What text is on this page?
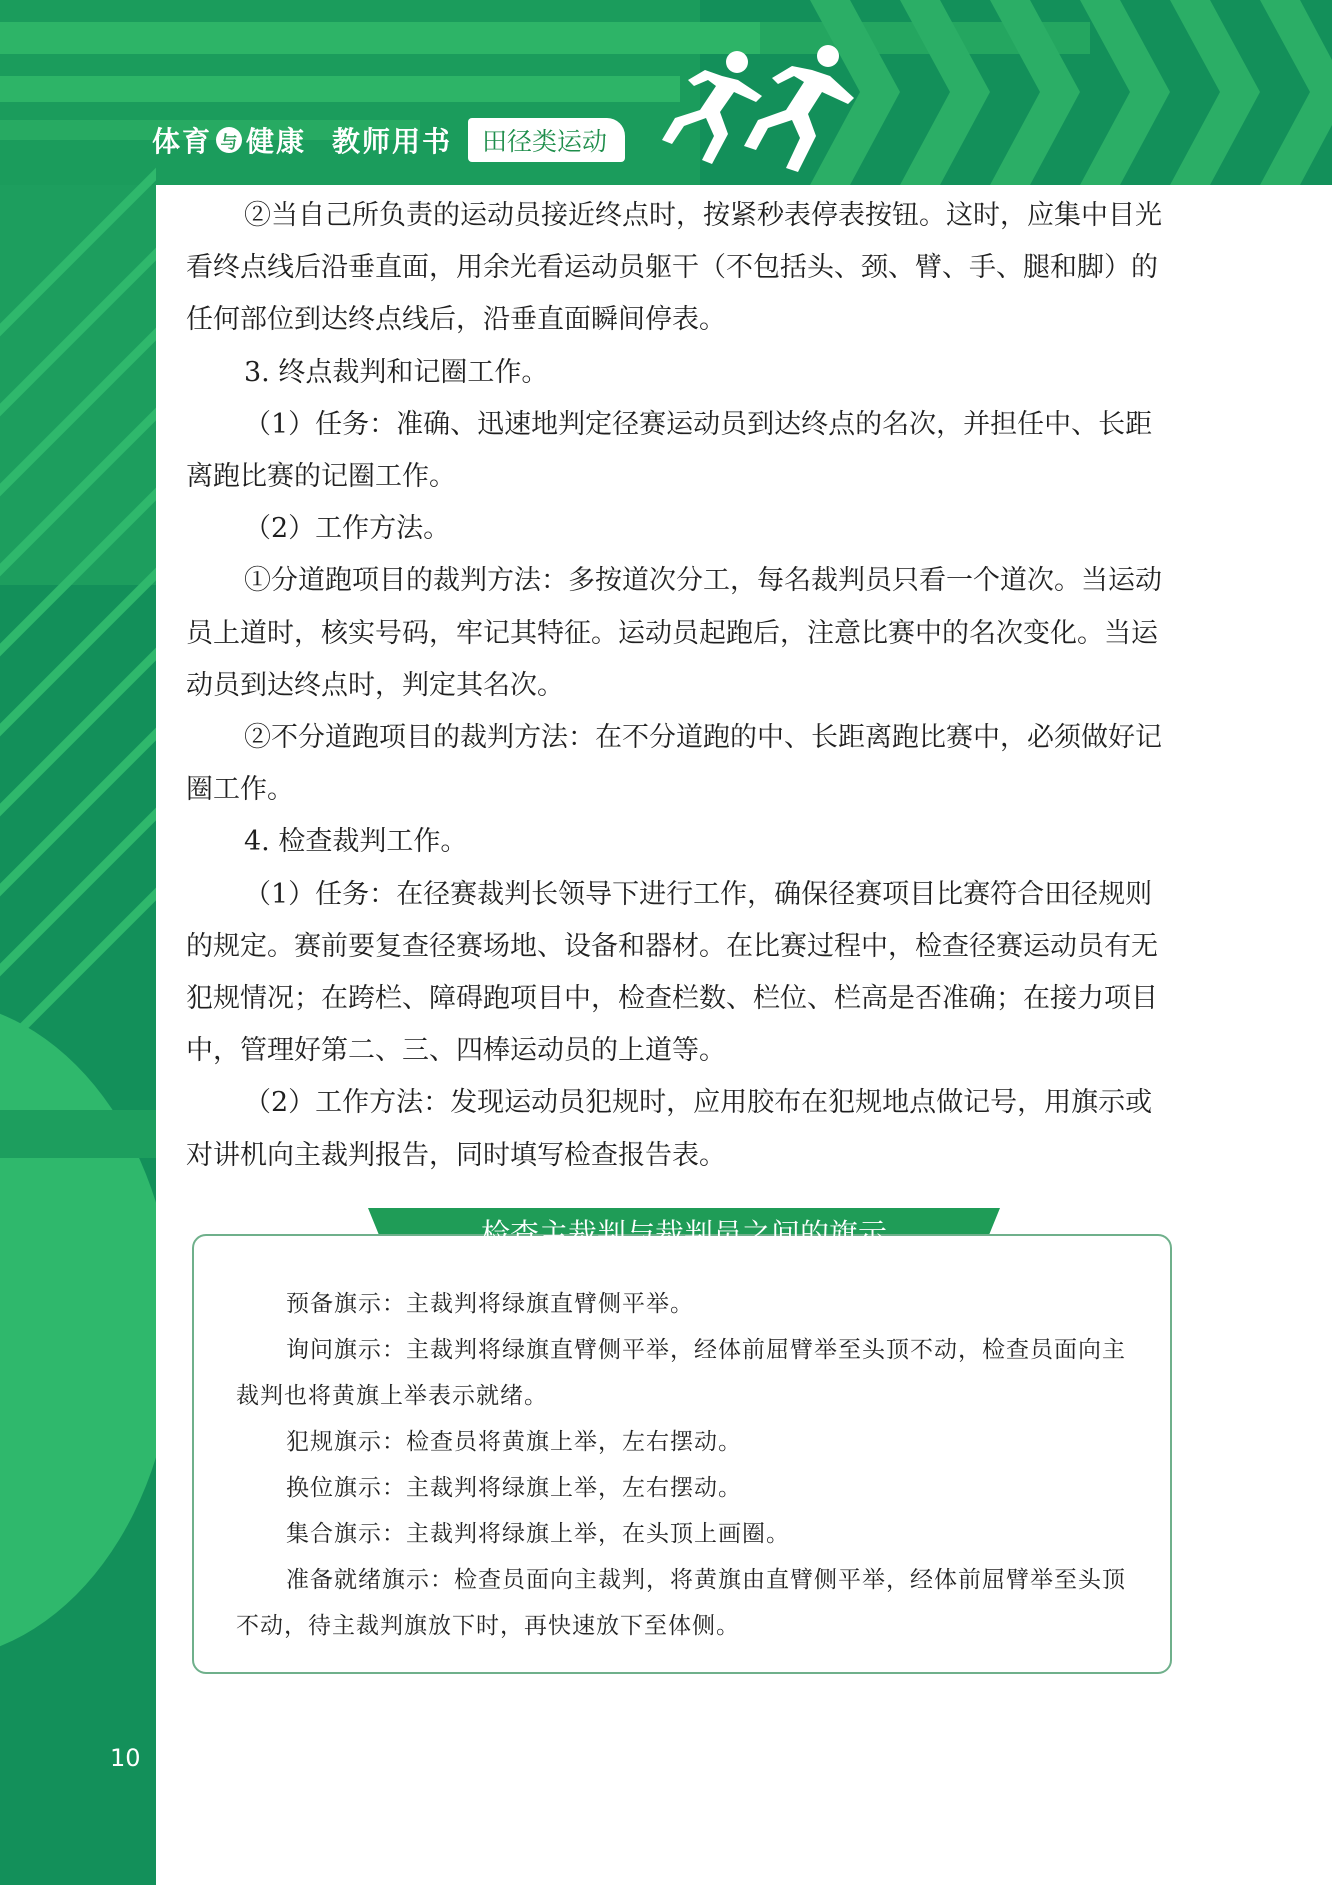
体育 与 健康 教师用书	田径类运动

②当自己所负责的运动员接近终点时，按紧秒表停表按钮。这时，应集中目光看终点线后沿垂直面，用余光看运动员躯干（不包括头、颈、臂、手、腿和脚）的任何部位到达终点线后，沿垂直面瞬间停表。

3. 终点裁判和记圈工作。

（1）任务：准确、迅速地判定径赛运动员到达终点的名次，并担任中、长距离跑比赛的记圈工作。

（2）工作方法。

①分道跑项目的裁判方法：多按道次分工，每名裁判员只看一个道次。当运动员上道时，核实号码，牢记其特征。运动员起跑后，注意比赛中的名次变化。当运动员到达终点时，判定其名次。

②不分道跑项目的裁判方法：在不分道跑的中、长距离跑比赛中，必须做好记圈工作。

4. 检查裁判工作。

（1）任务：在径赛裁判长领导下进行工作，确保径赛项目比赛符合田径规则的规定。赛前要复查径赛场地、设备和器材。在比赛过程中，检查径赛运动员有无犯规情况；在跨栏、障碍跑项目中，检查栏数、栏位、栏高是否准确；在接力项目中，管理好第二、三、四棒运动员的上道等。

（2）工作方法：发现运动员犯规时，应用胶布在犯规地点做记号，用旗示或对讲机向主裁判报告，同时填写检查报告表。

检查主裁判与裁判员之间的旗示

预备旗示：主裁判将绿旗直臂侧平举。

询问旗示：主裁判将绿旗直臂侧平举，经体前屈臂举至头顶不动，检查员面向主裁判也将黄旗上举表示就绪。

犯规旗示：检查员将黄旗上举，左右摆动。

换位旗示：主裁判将绿旗上举，左右摆动。

集合旗示：主裁判将绿旗上举，在头顶上画圈。

准备就绪旗示：检查员面向主裁判，将黄旗由直臂侧平举，经体前屈臂举至头顶不动，待主裁判旗放下时，再快速放下至体侧。

10
